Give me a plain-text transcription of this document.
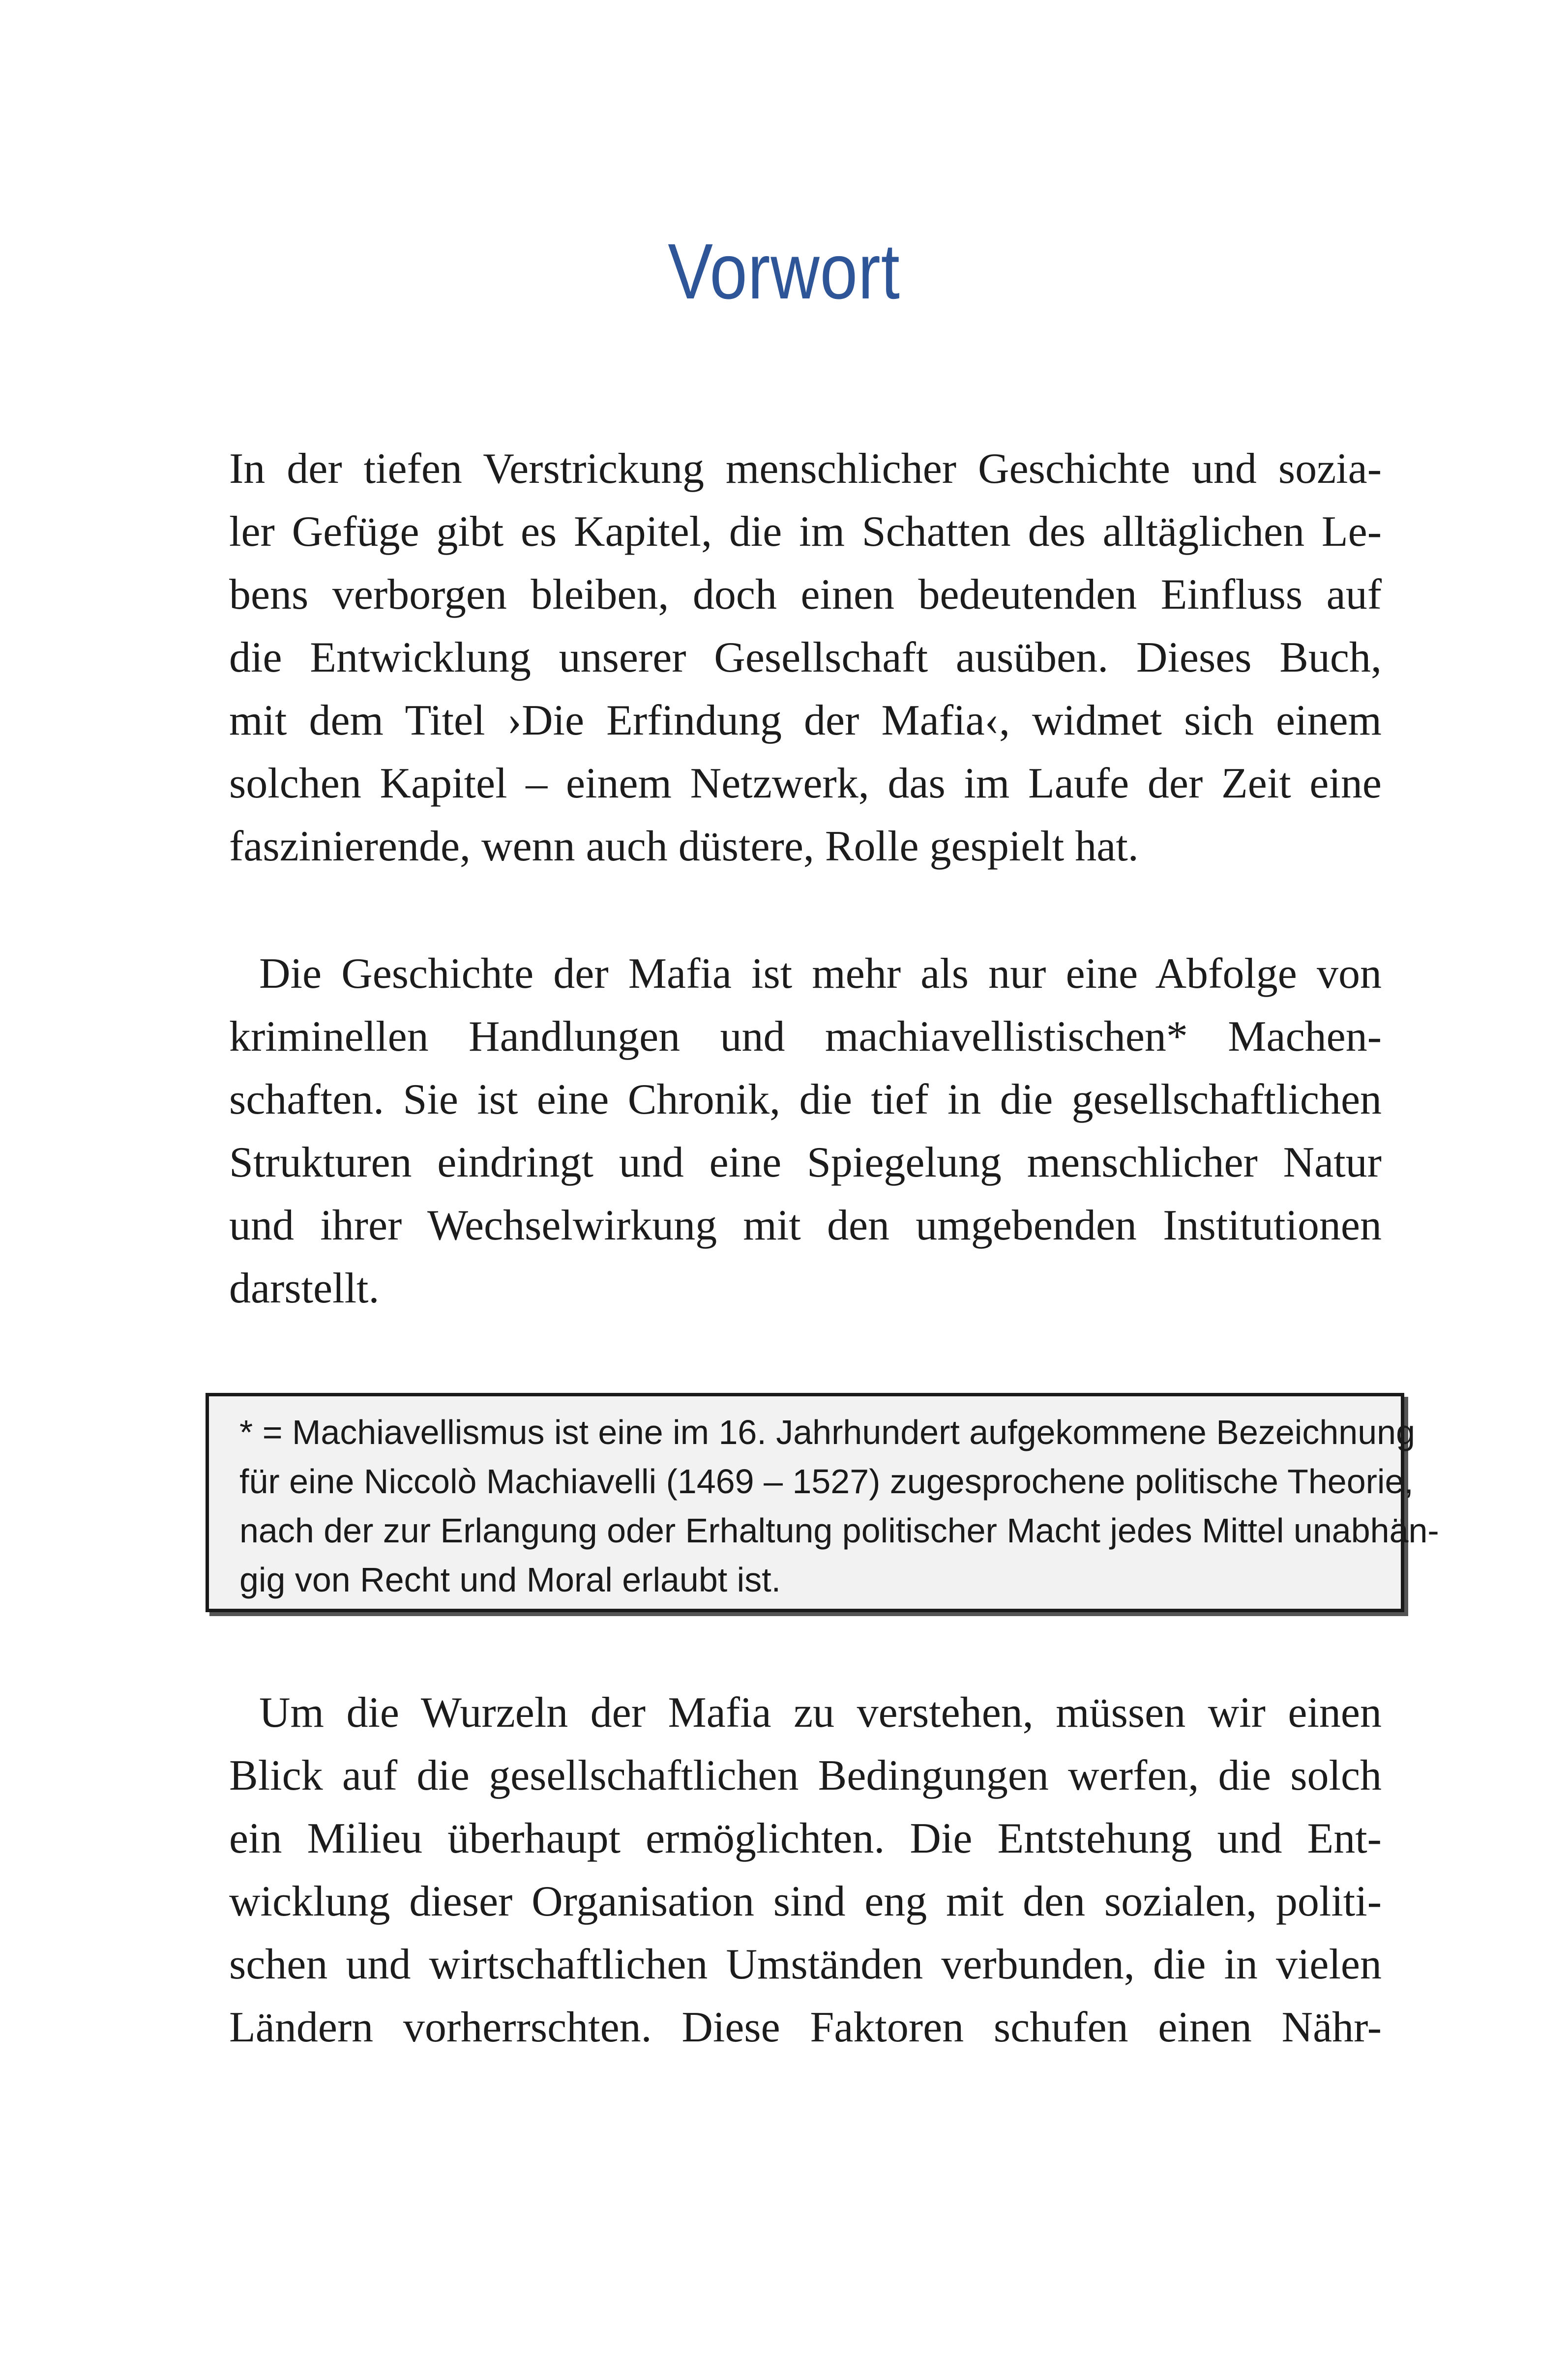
Vorwort
In der tiefen Verstrickung menschlicher Geschichte und sozia-
ler Gefüge gibt es Kapitel, die im Schatten des alltäglichen Le-
bens verborgen bleiben, doch einen bedeutenden Einfluss auf
die Entwicklung unserer Gesellschaft ausüben. Dieses Buch,
mit dem Titel ›Die Erfindung der Mafia‹, widmet sich einem
solchen Kapitel – einem Netzwerk, das im Laufe der Zeit eine
faszinierende, wenn auch düstere, Rolle gespielt hat.
Die Geschichte der Mafia ist mehr als nur eine Abfolge von
kriminellen Handlungen und machiavellistischen* Machen-
schaften. Sie ist eine Chronik, die tief in die gesellschaftlichen
Strukturen eindringt und eine Spiegelung menschlicher Natur
und ihrer Wechselwirkung mit den umgebenden Institutionen
darstellt.
* = Machiavellismus ist eine im 16. Jahrhundert aufgekommene Bezeichnung
für eine Niccolò Machiavelli (1469 – 1527) zugesprochene politische Theorie,
nach der zur Erlangung oder Erhaltung politischer Macht jedes Mittel unabhän-
gig von Recht und Moral erlaubt ist.
Um die Wurzeln der Mafia zu verstehen, müssen wir einen
Blick auf die gesellschaftlichen Bedingungen werfen, die solch
ein Milieu überhaupt ermöglichten. Die Entstehung und Ent-
wicklung dieser Organisation sind eng mit den sozialen, politi-
schen und wirtschaftlichen Umständen verbunden, die in vielen
Ländern vorherrschten. Diese Faktoren schufen einen Nähr-
